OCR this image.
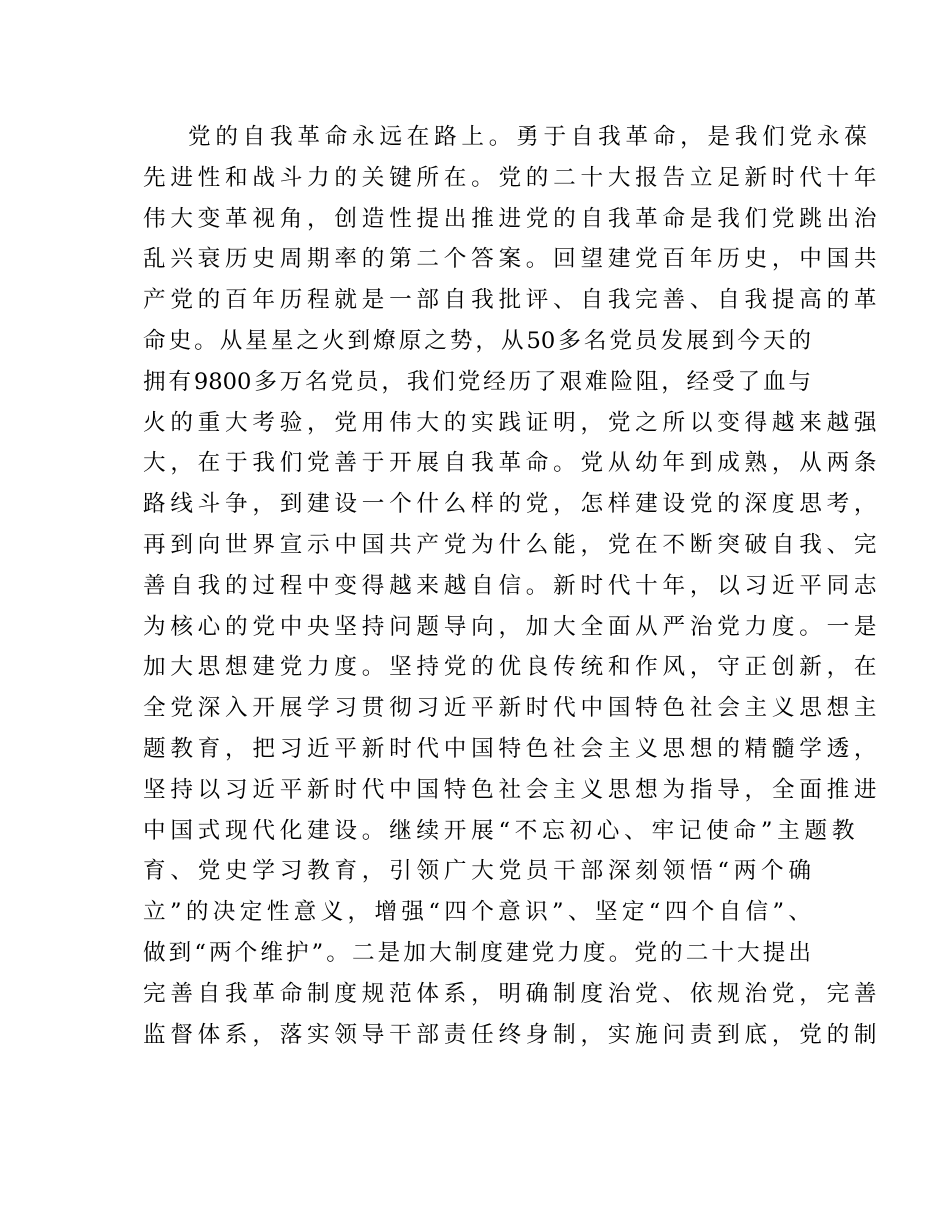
党的自我革命永远在路上。勇于自我革命，是我们党永葆
先进性和战斗力的关键所在。党的二十大报告立足新时代十年
伟大变革视角，创造性提出推进党的自我革命是我们党跳出治
乱兴衰历史周期率的第二个答案。回望建党百年历史，中国共
产党的百年历程就是一部自我批评、自我完善、自我提高的革
命史。从星星之火到燎原之势，从50多名党员发展到今天的
拥有9800多万名党员，我们党经历了艰难险阻，经受了血与
火的重大考验，党用伟大的实践证明，党之所以变得越来越强
大，在于我们党善于开展自我革命。党从幼年到成熟，从两条
路线斗争，到建设一个什么样的党，怎样建设党的深度思考，
再到向世界宣示中国共产党为什么能，党在不断突破自我、完
善自我的过程中变得越来越自信。新时代十年，以习近平同志
为核心的党中央坚持问题导向，加大全面从严治党力度。一是
加大思想建党力度。坚持党的优良传统和作风，守正创新，在
全党深入开展学习贯彻习近平新时代中国特色社会主义思想主
题教育，把习近平新时代中国特色社会主义思想的精髓学透，
坚持以习近平新时代中国特色社会主义思想为指导，全面推进
中国式现代化建设。继续开展“不忘初心、牢记使命”主题教
育、党史学习教育，引领广大党员干部深刻领悟“两个确
立”的决定性意义，增强“四个意识”、坚定“四个自信”、
做到“两个维护”。二是加大制度建党力度。党的二十大提出
完善自我革命制度规范体系，明确制度治党、依规治党，完善
监督体系，落实领导干部责任终身制，实施问责到底，党的制
